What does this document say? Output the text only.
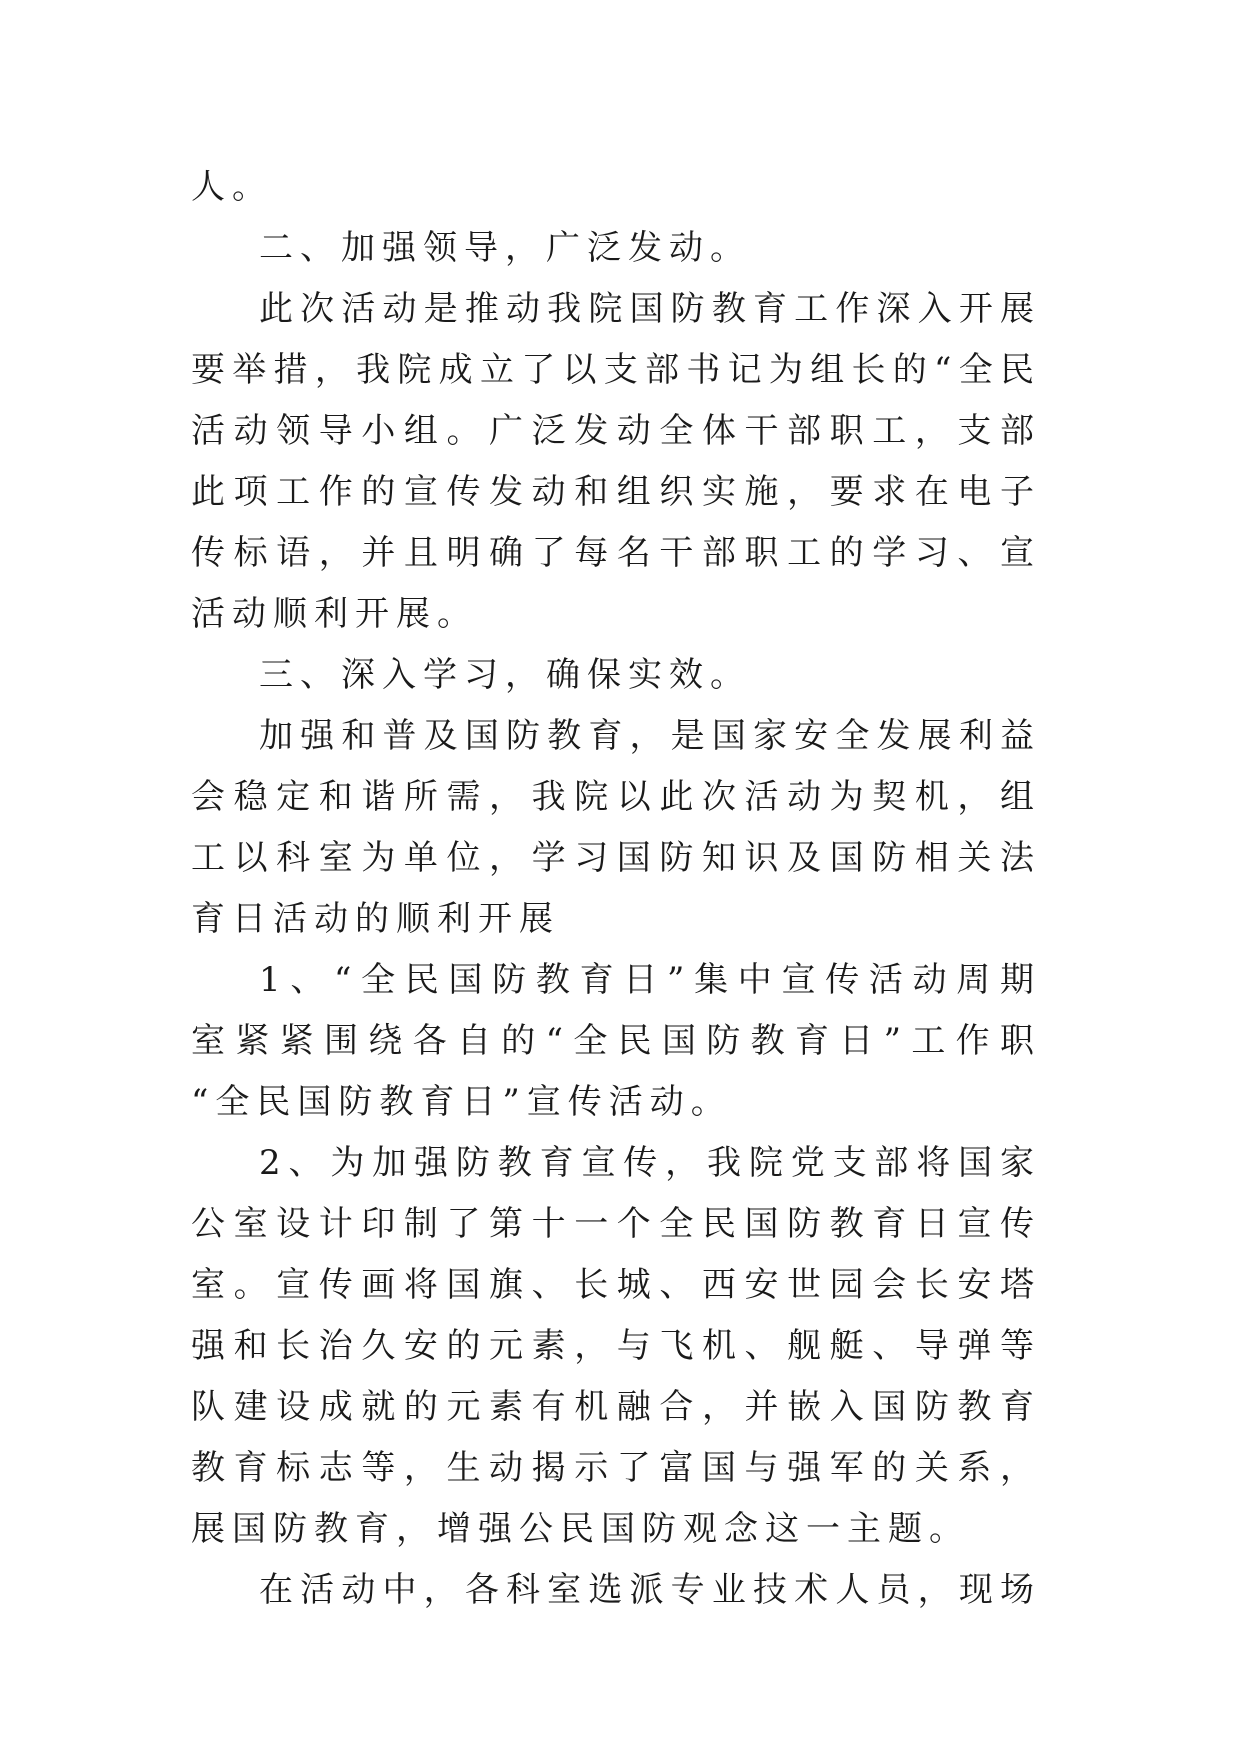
人。
二、加强领导，广泛发动。
此次活动是推动我院国防教育工作深入开展
要举措，我院成立了以支部书记为组长的“全民
活动领导小组。广泛发动全体干部职工，支部
此项工作的宣传发动和组织实施，要求在电子
传标语，并且明确了每名干部职工的学习、宣
活动顺利开展。
三、深入学习，确保实效。
加强和普及国防教育，是国家安全发展利益
会稳定和谐所需，我院以此次活动为契机，组
工以科室为单位，学习国防知识及国防相关法
育日活动的顺利开展
1、“全民国防教育日”集中宣传活动周期
室紧紧围绕各自的“全民国防教育日”工作职
“全民国防教育日”宣传活动。
2、为加强防教育宣传，我院党支部将国家
公室设计印制了第十一个全民国防教育日宣传
室。宣传画将国旗、长城、西安世园会长安塔
强和长治久安的元素，与飞机、舰艇、导弹等
队建设成就的元素有机融合，并嵌入国防教育
教育标志等，生动揭示了富国与强军的关系，
展国防教育，增强公民国防观念这一主题。
在活动中，各科室选派专业技术人员，现场
